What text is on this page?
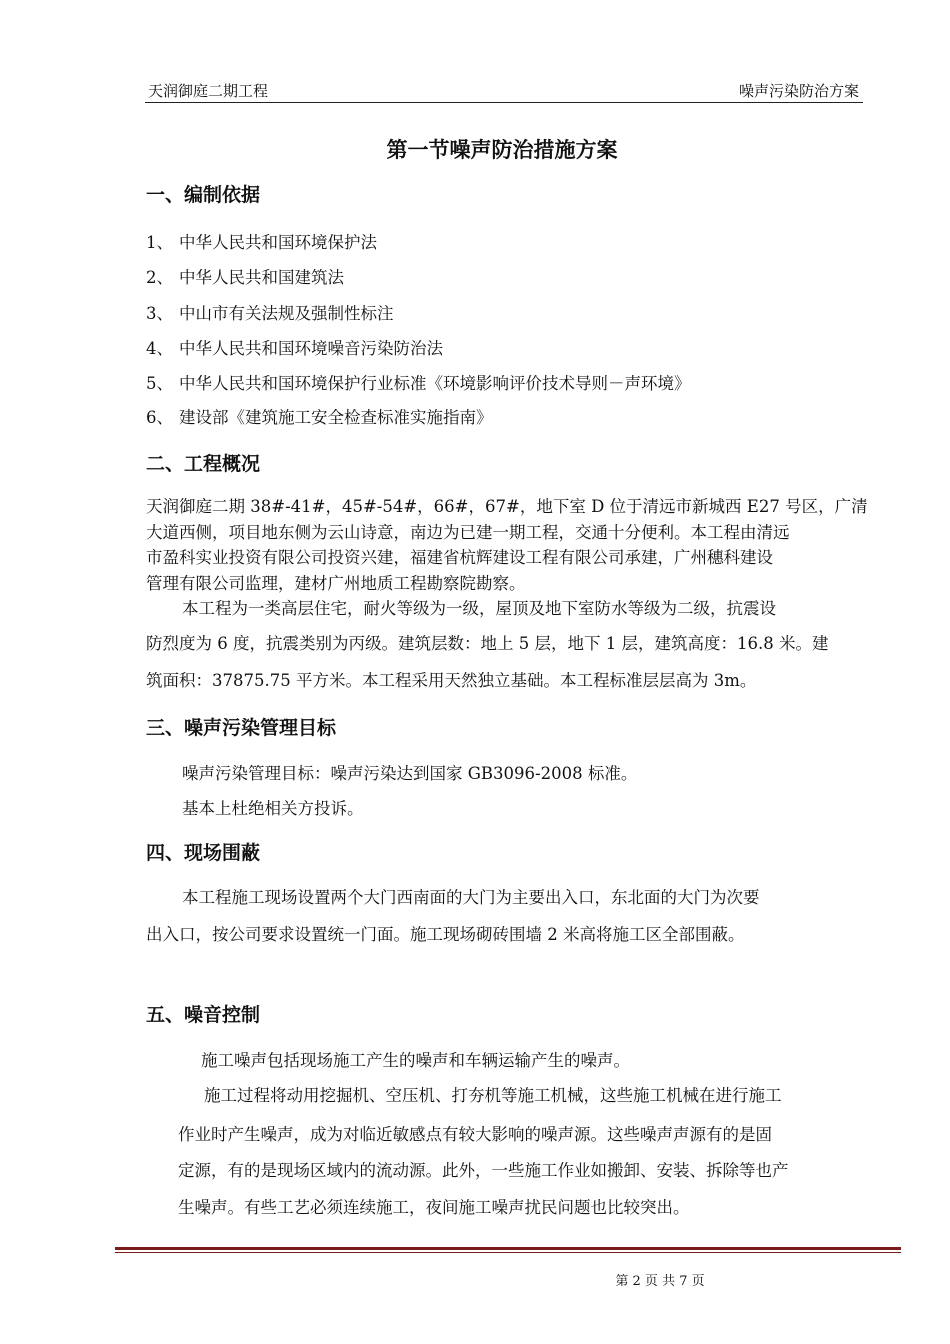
天润御庭二期工程	噪声污染防治方案
第一节噪声防治措施方案
一、编制依据
1、 中华人民共和国环境保护法
2、 中华人民共和国建筑法
3、 中山市有关法规及强制性标注
4、 中华人民共和国环境噪音污染防治法
5、 中华人民共和国环境保护行业标准《环境影响评价技术导则－声环境》
6、 建设部《建筑施工安全检查标准实施指南》
二、工程概况
天润御庭二期 38#-41#，45#-54#，66#，67#，地下室 D 位于清远市新城西 E27 号区，广清
大道西侧，项目地东侧为云山诗意，南边为已建一期工程，交通十分便利。本工程由清远
市盈科实业投资有限公司投资兴建，福建省杭辉建设工程有限公司承建，广州穗科建设
管理有限公司监理，建材广州地质工程勘察院勘察。
本工程为一类高层住宅，耐火等级为一级，屋顶及地下室防水等级为二级，抗震设
防烈度为 6 度，抗震类别为丙级。建筑层数：地上 5 层，地下 1 层，建筑高度：16.8 米。建
筑面积：37875.75 平方米。本工程采用天然独立基础。本工程标准层层高为 3m。
三、噪声污染管理目标
噪声污染管理目标：噪声污染达到国家 GB3096-2008 标准。
基本上杜绝相关方投诉。
四、现场围蔽
本工程施工现场设置两个大门西南面的大门为主要出入口，东北面的大门为次要
出入口，按公司要求设置统一门面。施工现场砌砖围墙 2 米高将施工区全部围蔽。
五、噪音控制
施工噪声包括现场施工产生的噪声和车辆运输产生的噪声。
施工过程将动用挖掘机、空压机、打夯机等施工机械，这些施工机械在进行施工
作业时产生噪声，成为对临近敏感点有较大影响的噪声源。这些噪声声源有的是固
定源，有的是现场区域内的流动源。此外，一些施工作业如搬卸、安装、拆除等也产
生噪声。有些工艺必须连续施工，夜间施工噪声扰民问题也比较突出。
第 2 页 共 7 页
